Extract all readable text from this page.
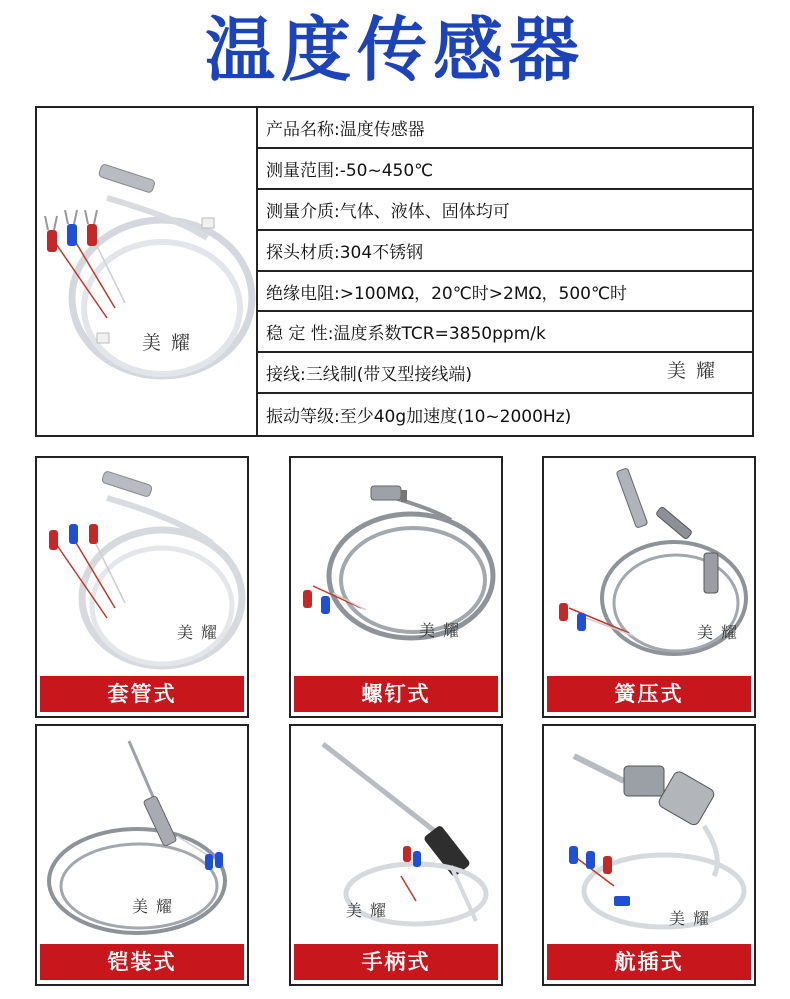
温度传感器
美耀
产品名称:温度传感器
测量范围:-50~450℃
测量介质:气体、液体、固体均可
探头材质:304不锈钢
绝缘电阻:>100MΩ，20℃时>2MΩ，500℃时
稳 定 性:温度系数TCR=3850ppm/k
接线:三线制(带叉型接线端)
振动等级:至少40g加速度(10~2000Hz)
美耀
美耀
套管式
美耀
螺钉式
美耀
簧压式
美耀
铠装式
美耀
手柄式
美耀
航插式
